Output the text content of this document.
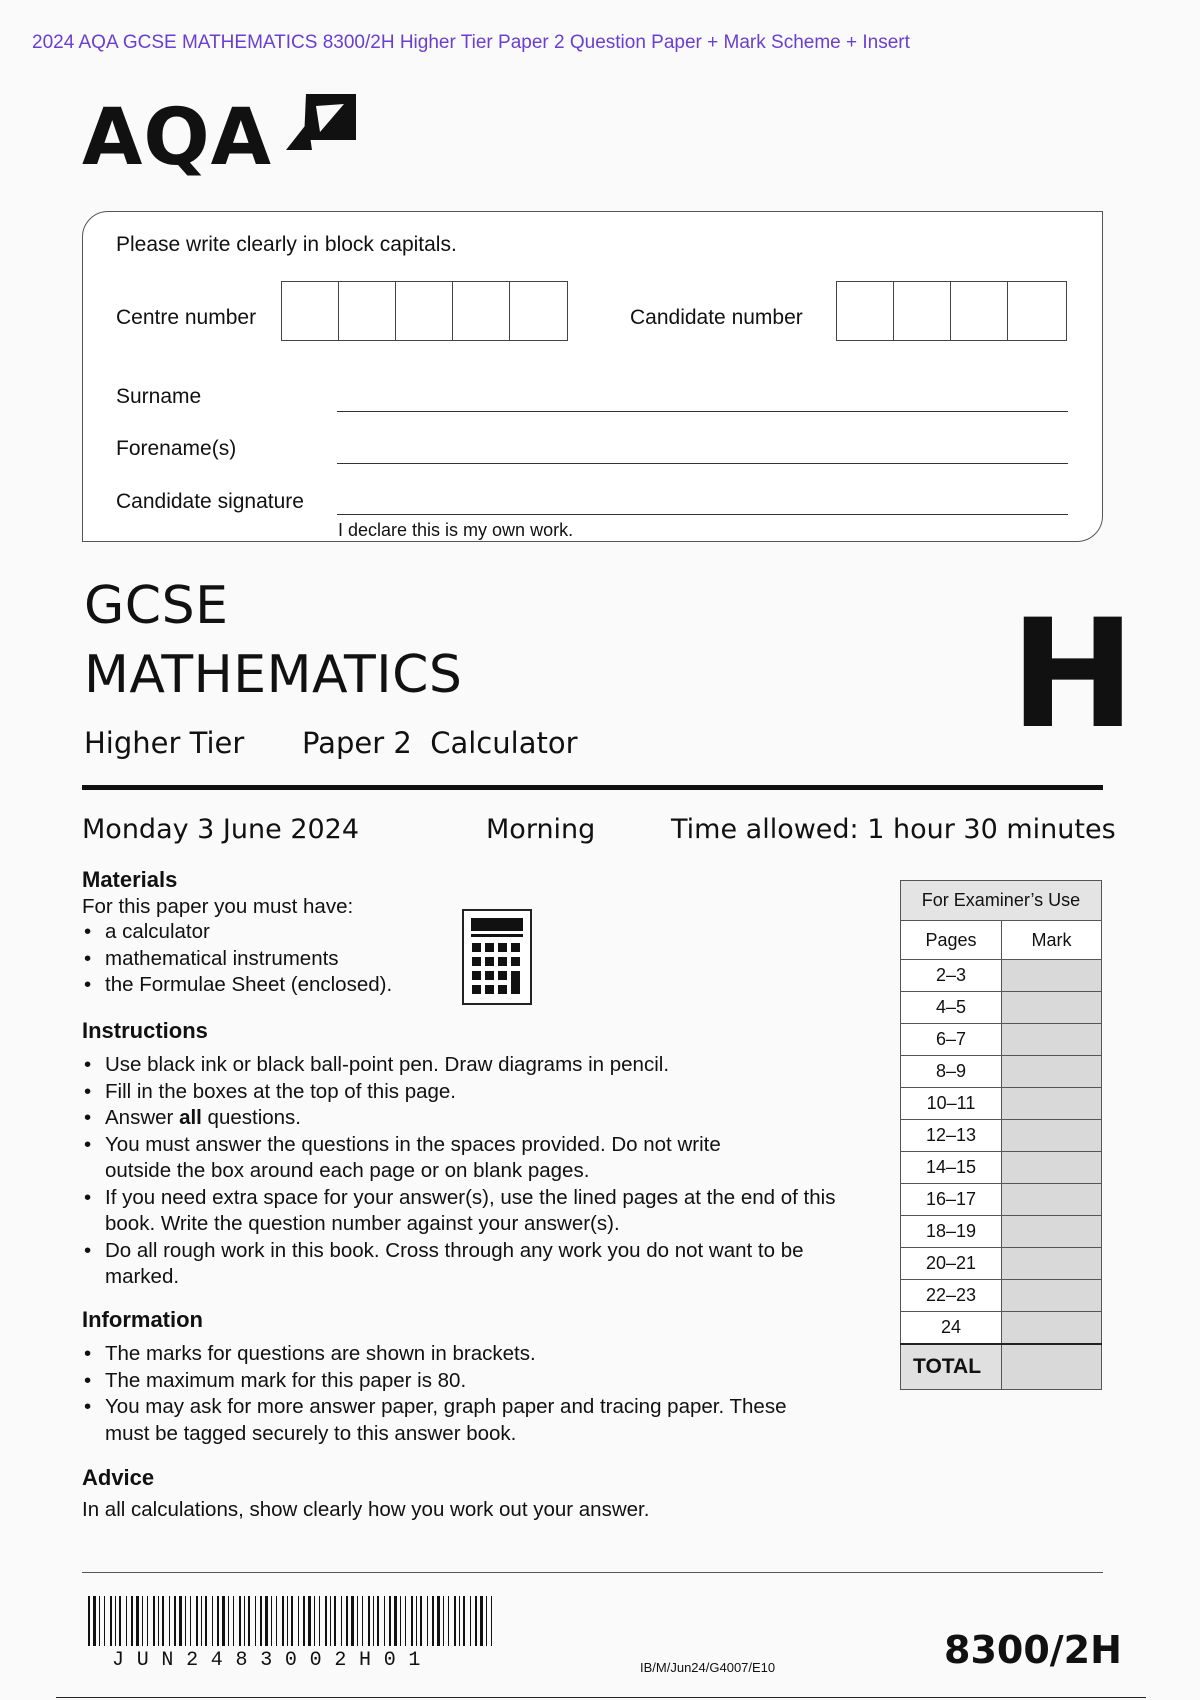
2024 AQA GCSE MATHEMATICS 8300/2H Higher Tier Paper 2 Question Paper + Mark Scheme + Insert
AQA
Please write clearly in block capitals.
Centre number	Candidate number
Surname
Forename(s)
Candidate signature
I declare this is my own work.
GCSE
MATHEMATICS
Higher Tier Paper 2  Calculator	H
Monday 3 June 2024	Morning	Time allowed: 1 hour 30 minutes
Materials
For this paper you must have:
• a calculator
• mathematical instruments
• the Formulae Sheet (enclosed).
Instructions
• Use black ink or black ball-point pen. Draw diagrams in pencil.
• Fill in the boxes at the top of this page.
• Answer all questions.
• You must answer the questions in the spaces provided. Do not write outside the box around each page or on blank pages.
• If you need extra space for your answer(s), use the lined pages at the end of this book. Write the question number against your answer(s).
• Do all rough work in this book. Cross through any work you do not want to be marked.
Information
• The marks for questions are shown in brackets.
• The maximum mark for this paper is 80.
• You may ask for more answer paper, graph paper and tracing paper. These must be tagged securely to this answer book.
Advice
In all calculations, show clearly how you work out your answer.
For Examiner’s Use	
Pages	Mark
2–3	
4–5	
6–7	
8–9	
10–11	
12–13	
14–15	
16–17	
18–19	
20–21	
22–23	
24	
TOTAL	
JUN2483002H01	IB/M/Jun24/G4007/E10	8300/2H
